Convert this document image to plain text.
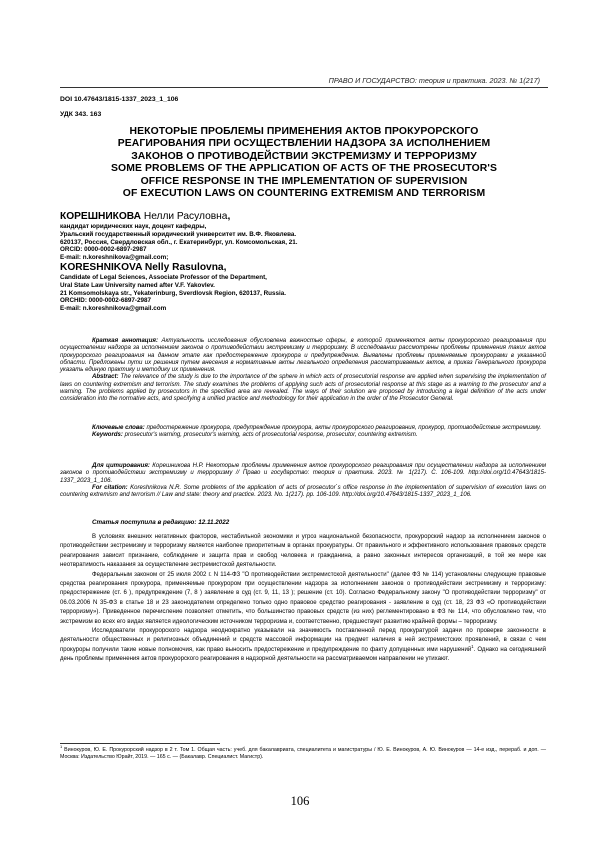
ПРАВО И ГОСУДАРСТВО: теория и практика. 2023. № 1(217)
DOI 10.47643/1815-1337_2023_1_106
УДК 343. 163
НЕКОТОРЫЕ ПРОБЛЕМЫ ПРИМЕНЕНИЯ АКТОВ ПРОКУРОРСКОГО
РЕАГИРОВАНИЯ ПРИ ОСУЩЕСТВЛЕНИИ НАДЗОРА ЗА ИСПОЛНЕНИЕМ
ЗАКОНОВ О ПРОТИВОДЕЙСТВИИ ЭКСТРЕМИЗМУ И ТЕРРОРИЗМУ
SOME PROBLEMS OF THE APPLICATION OF ACTS OF THE PROSECUTOR'S
OFFICE RESPONSE IN THE IMPLEMENTATION OF SUPERVISION
OF EXECUTION LAWS ON COUNTERING EXTREMISM AND TERRORISM
КОРЕШНИКОВА Нелли Расуловна,
кандидат юридических наук, доцент кафедры,
Уральский государственный юридический университет им. В.Ф. Яковлева.
620137, Россия, Свердловская обл., г. Екатеринбург, ул. Комсомольская, 21.
ORCID: 0000-0002-6897-2987
E-mail: n.koreshnikova@gmail.com;
KORESHNIKOVA Nelly Rasulovna,
Candidate of Legal Sciences, Associate Professor of the Department,
Ural State Law University named after V.F. Yakovlev.
21 Komsomolskaya str., Yekaterinburg, Sverdlovsk Region, 620137, Russia.
ORCHID: 0000-0002-6897-2987
E-mail: n.koreshnikova@gmail.com

Краткая аннотация: Актуальность исследования обусловлена важностью сферы, в которой применяются акты прокурорского реагирования при осуществлении надзора за исполнением законов о противодействии экстремизму и терроризму. В исследовании рассмотрены проблемы применения таких актов прокурорского реагирования на данном этапе как предостережение прокурора и предупреждение. Выявлены проблемы применяемые прокурорами в указанной области. Предложены пути их решения путем внесения в нормативные акты легального определения рассматриваемых актов, в приказ Генерального прокурора указать единую практику и методику их применения.

Abstract: The relevance of the study is due to the importance of the sphere in which acts of prosecutorial response are applied when supervising the implementation of laws on countering extremism and terrorism. The study examines the problems of applying such acts of prosecutorial response at this stage as a warning to the prosecutor and a warning. The problems applied by prosecutors in the specified area are revealed. The ways of their solution are proposed by introducing a legal definition of the acts under consideration into the normative acts, and specifying a unified practice and methodology for their application in the order of the Prosecutor General.

Ключевые слова: предостережение прокурора, предупреждение прокурора, акты прокурорского реагирования, прокурор, противодействие экстремизму.

Keywords: prosecutor's warning, prosecutor's warning, acts of prosecutorial response, prosecutor, countering extremism.

Для цитирования: Корешникова Н.Р. Некоторые проблемы применения актов прокурорского реагирования при осуществлении надзора за исполнением законов о противодействии экстремизму и терроризму // Право и государство: теория и практика. 2023. № 1(217). С. 106-109. http://doi.org/10.47643/1815-1337_2023_1_106.

For citation: Koreshnikova N.R. Some problems of the application of acts of prosecutor`s office response in the implementation of supervision of execution laws on countering extremism and terrorism // Law and state: theory and practice. 2023. No. 1(217). pp. 106-109. http://doi.org/10.47643/1815-1337_2023_1_106.

Статья поступила в редакцию: 12.11.2022

В условиях внешних негативных факторов, нестабильной экономики и угроз национальной безопасности, прокурорский надзор за исполнением законов о противодействии экстремизму и терроризму является наиболее приоритетным в органах прокуратуры. От правильного и эффективного использования правовых средств реагирования зависит признание, соблюдение и защита прав и свобод человека и гражданина, а равно законных интересов организаций, в той же мере как неотвратимость наказания за осуществление экстремистской деятельности.

Федеральным законом от 25 июля 2002 г. N 114-ФЗ "О противодействии экстремистской деятельности" (далее ФЗ № 114) установлены следующие правовые средства реагирования прокурора, применяемые прокурором при осуществлении надзора за исполнением законов о противодействии экстремизму и терроризму: предостережение (ст. 6 ), предупреждение (7, 8 ) заявление в суд (ст. 9, 11, 13 ); решение (ст. 10). Согласно Федеральному закону "О противодействии терроризму" от 06.03.2006 N 35-ФЗ в статье 18 и 23 законодателем определено только одно правовое средство реагирования - заявление в суд (ст. 18, 23 ФЗ «О противодействии терроризму»). Приведенное перечисление позволяет отметить, что большинство правовых средств (из них) реглементировано в ФЗ № 114, что обусловлено тем, что экстремизм во всех его видах является идеологическим источником терроризма и, соответственно, предшествует развитию крайней формы – терроризму.

Исследователи прокурорского надзора неоднократно указывали на значимость поставленной перед прокуратурой задачи по проверке законности в деятельности общественных и религиозных объединений и средств массовой информации на предмет наличия в ней экстремистских проявлений, в связи с чем прокуроры получили такие новые полномочия, как право выносить предостережение и предупреждение по факту допущенных ими нарушений$^1$. Однако на сегодняшний день проблемы применения актов прокурорского реагирования в надзорной деятельности на рассматриваемом направлении не утихают.

$^1$ Винокуров, Ю. Е. Прокурорский надзор в 2 т. Том 1. Общая часть: учеб. для бакалавриата, специалитета и магистратуры / Ю. Е. Винокуров, А. Ю. Винокуров — 14-е изд., перераб. и доп. — Москва: Издательство Юрайт, 2019. — 165 с. — (Бакалавр. Специалист. Магистр).
106
